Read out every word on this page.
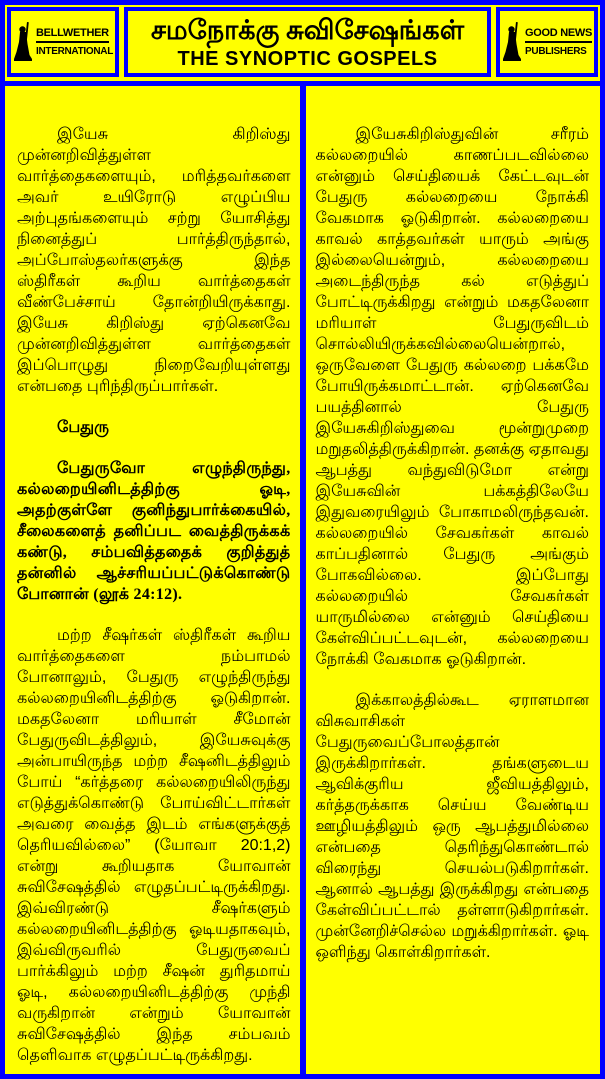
BELLWETHER
INTERNATIONAL
சமநோக்கு சுவிசேஷங்கள்
THE SYNOPTIC GOSPELS
GOOD NEWS
PUBLISHERS

இயேசு கிறிஸ்து முன்னறிவித்துள்ள வார்த்தைகளையும், மரித்தவர்களை அவர் உயிரோடு எழுப்பிய அற்புதங்களையும் சற்று யோசித்து நினைத்துப் பார்த்திருந்தால், அப்போஸ்தலர்களுக்கு இந்த ஸ்திரீகள் கூறிய வார்த்தைகள் வீண்பேச்சாய் தோன்றியிருக்காது. இயேசு கிறிஸ்து ஏற்கெனவே முன்னறிவித்துள்ள வார்த்தைகள் இப்பொழுது நிறைவேறியுள்ளது என்பதை புரிந்திருப்பார்கள்.

பேதுரு

பேதுருவோ எழுந்திருந்து, கல்லறையினிடத்திற்கு ஓடி, அதற்குள்ளே குனிந்துபார்க்கையில், சீலைகளைத் தனிப்பட வைத்திருக்கக் கண்டு, சம்பவித்ததைக் குறித்துத் தன்னில் ஆச்சரியப்பட்டுக்கொண்டு போனான் (லூக் 24:12).

மற்ற சீஷர்கள் ஸ்திரீகள் கூறிய வார்த்தைகளை நம்பாமல் போனாலும், பேதுரு எழுந்திருந்து கல்லறையினிடத்திற்கு ஓடுகிறான். மகதலேனா மரியாள் சீமோன் பேதுருவிடத்திலும், இயேசுவுக்கு அன்பாயிருந்த மற்ற சீஷனிடத்திலும் போய் “கர்த்தரை கல்லறையிலிருந்து எடுத்துக்கொண்டு போய்விட்டார்கள் அவரை வைத்த இடம் எங்களுக்குத் தெரியவில்லை” (யோவா 20:1,2) என்று கூறியதாக யோவான் சுவிசேஷத்தில் எழுதப்பட்டிருக்கிறது. இவ்விரண்டு சீஷர்களும் கல்லறையினிடத்திற்கு ஓடியதாகவும், இவ்விருவரில் பேதுருவைப் பார்க்கிலும் மற்ற சீஷன் துரிதமாய் ஓடி, கல்லறையினிடத்திற்கு முந்தி வருகிறான் என்றும் யோவான் சுவிசேஷத்தில் இந்த சம்பவம் தெளிவாக எழுதப்பட்டிருக்கிறது.

இயேசுகிறிஸ்துவின் சரீரம் கல்லறையில் காணப்படவில்லை என்னும் செய்தியைக் கேட்டவுடன் பேதுரு கல்லறையை நோக்கி வேகமாக ஓடுகிறான். கல்லறையை காவல் காத்தவர்கள் யாரும் அங்கு இல்லையென்றும், கல்லறையை அடைந்திருந்த கல் எடுத்துப் போட்டிருக்கிறது என்றும் மகதலேனா மரியாள் பேதுருவிடம் சொல்லியிருக்கவில்லையென்றால், ஒருவேளை பேதுரு கல்லறை பக்கமே போயிருக்கமாட்டான். ஏற்கெனவே பயத்தினால் பேதுரு இயேசுகிறிஸ்துவை மூன்றுமுறை மறுதலித்திருக்கிறான். தனக்கு ஏதாவது ஆபத்து வந்துவிடுமோ என்று இயேசுவின் பக்கத்திலேயே இதுவரையிலும் போகாமலிருந்தவன். கல்லறையில் சேவகர்கள் காவல் காப்பதினால் பேதுரு அங்கும் போகவில்லை. இப்போது கல்லறையில் சேவகர்கள் யாருமில்லை என்னும் செய்தியை கேள்விப்பட்டவுடன், கல்லறையை நோக்கி வேகமாக ஓடுகிறான்.

இக்காலத்தில்கூட ஏராளமான விசுவாசிகள் பேதுருவைப்போலத்தான் இருக்கிறார்கள். தங்களுடைய ஆவிக்குரிய ஜீவியத்திலும், கர்த்தருக்காக செய்ய வேண்டிய ஊழியத்திலும் ஒரு ஆபத்துமில்லை என்பதை தெரிந்துகொண்டால் விரைந்து செயல்படுகிறார்கள். ஆனால் ஆபத்து இருக்கிறது என்பதை கேள்விப்பட்டால் தள்ளாடுகிறார்கள். முன்னேறிச்செல்ல மறுக்கிறார்கள். ஓடி ஒளிந்து கொள்கிறார்கள்.
